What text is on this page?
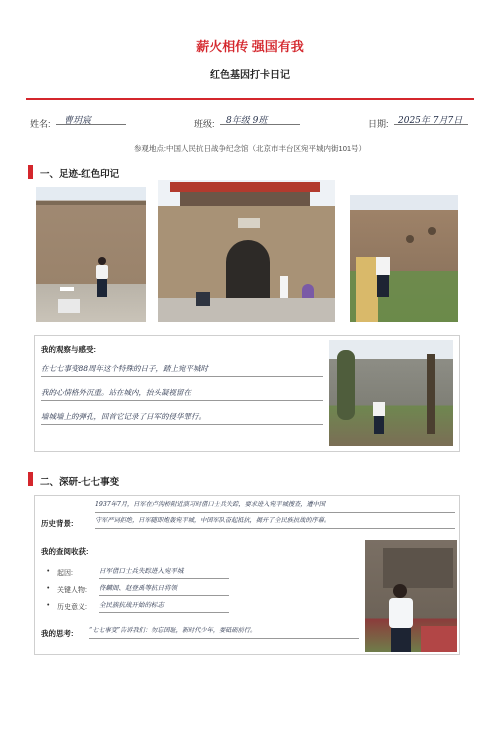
薪火相传 强国有我
红色基因打卡日记
姓名:	曹玥宸	班级:	8年级 9班	日期:	2025年 7月7日
参观地点:中国人民抗日战争纪念馆（北京市丰台区宛平城内街101号）
一、足迹-红色印记
我的观察与感受:
在七七事变88周年这个特殊的日子，踏上宛平城时
我的心情格外沉重。站在城内，抬头凝视留在
墙城墙上的弹孔，回首它记录了日军的侵华罪行。
二、深研-七七事变
1937年7月，日军在卢沟桥附近演习时借口士兵失踪，要求进入宛平城搜查，遭中国
历史背景:	守军严词拒绝，日军随即炮轰宛平城，中国军队奋起抵抗，揭开了全民族抗战的序幕。
我的查阅收获:
• 起因:	日军借口士兵失踪进入宛平城
• 关键人物: 佟麟阁、赵登禹等抗日将领
• 历史意义: 全民族抗战开始的标志
我的思考:	“七七事变”告诉我们：勿忘国耻，新时代少年，要砥砺前行。
